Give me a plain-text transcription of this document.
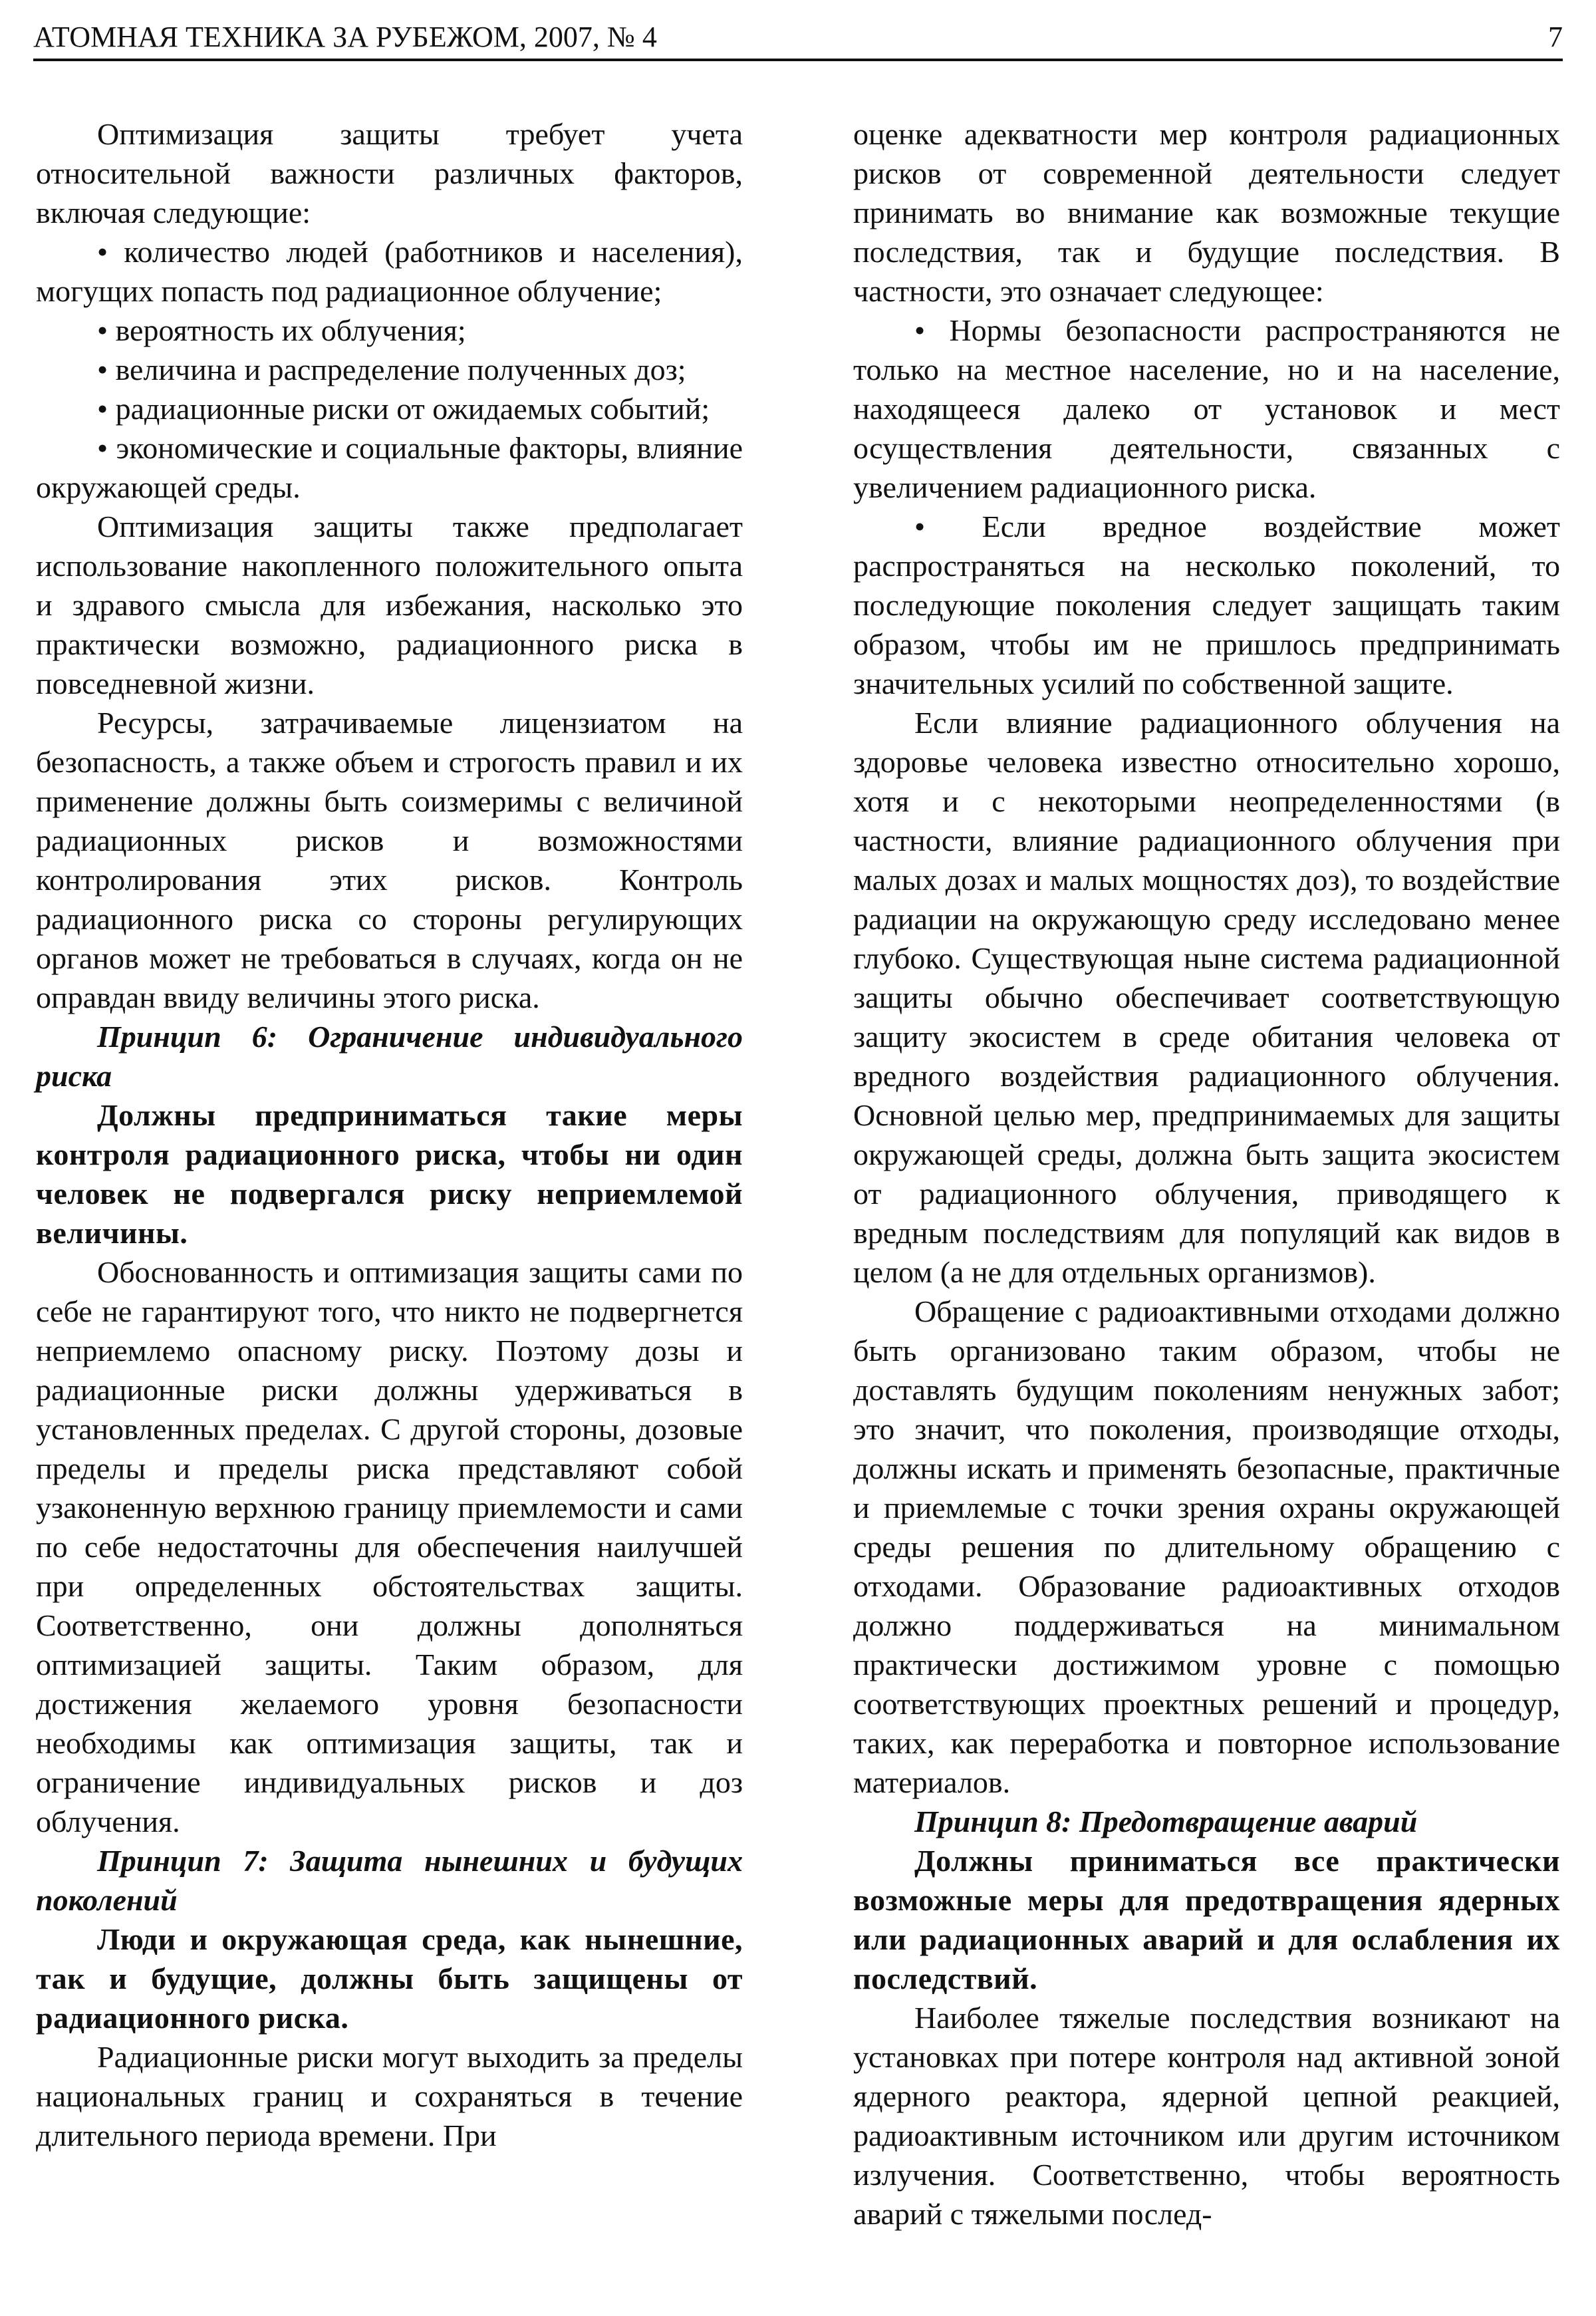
АТОМНАЯ ТЕХНИКА ЗА РУБЕЖОМ, 2007, № 4	7

Оптимизация защиты требует учета относительной важности различных факторов, включая следующие:

• количество людей (работников и населения), могущих попасть под радиационное облучение;

• вероятность их облучения;

• величина и распределение полученных доз;

• радиационные риски от ожидаемых событий;

• экономические и социальные факторы, влияние окружающей среды.

Оптимизация защиты также предполагает использование накопленного положительного опыта и здравого смысла для избежания, насколько это практически возможно, радиационного риска в повседневной жизни.

Ресурсы, затрачиваемые лицензиатом на безопасность, а также объем и строгость правил и их применение должны быть соизмеримы с величиной радиационных рисков и возможностями контролирования этих рисков. Контроль радиационного риска со стороны регулирующих органов может не требоваться в случаях, когда он не оправдан ввиду величины этого риска.

Принцип 6: Ограничение индивидуального риска

Должны предприниматься такие меры контроля радиационного риска, чтобы ни один человек не подвергался риску неприемлемой величины.

Обоснованность и оптимизация защиты сами по себе не гарантируют того, что никто не подвергнется неприемлемо опасному риску. Поэтому дозы и радиационные риски должны удерживаться в установленных пределах. С другой стороны, дозовые пределы и пределы риска представляют собой узаконенную верхнюю границу приемлемости и сами по себе недостаточны для обеспечения наилучшей при определенных обстоятельствах защиты. Соответственно, они должны дополняться оптимизацией защиты. Таким образом, для достижения желаемого уровня безопасности необходимы как оптимизация защиты, так и ограничение индивидуальных рисков и доз облучения.

Принцип 7: Защита нынешних и будущих поколений

Люди и окружающая среда, как нынешние, так и будущие, должны быть защищены от радиационного риска.

Радиационные риски могут выходить за пределы национальных границ и сохраняться в течение длительного периода времени. При

оценке адекватности мер контроля радиационных рисков от современной деятельности следует принимать во внимание как возможные текущие последствия, так и будущие последствия. В частности, это означает следующее:

• Нормы безопасности распространяются не только на местное население, но и на население, находящееся далеко от установок и мест осуществления деятельности, связанных с увеличением радиационного риска.

• Если вредное воздействие может распространяться на несколько поколений, то последующие поколения следует защищать таким образом, чтобы им не пришлось предпринимать значительных усилий по собственной защите.

Если влияние радиационного облучения на здоровье человека известно относительно хорошо, хотя и с некоторыми неопределенностями (в частности, влияние радиационного облучения при малых дозах и малых мощностях доз), то воздействие радиации на окружающую среду исследовано менее глубоко. Существующая ныне система радиационной защиты обычно обеспечивает соответствующую защиту экосистем в среде обитания человека от вредного воздействия радиационного облучения. Основной целью мер, предпринимаемых для защиты окружающей среды, должна быть защита экосистем от радиационного облучения, приводящего к вредным последствиям для популяций как видов в целом (а не для отдельных организмов).

Обращение с радиоактивными отходами должно быть организовано таким образом, чтобы не доставлять будущим поколениям ненужных забот; это значит, что поколения, производящие отходы, должны искать и применять безопасные, практичные и приемлемые с точки зрения охраны окружающей среды решения по длительному обращению с отходами. Образование радиоактивных отходов должно поддерживаться на минимальном практически достижимом уровне с помощью соответствующих проектных решений и процедур, таких, как переработка и повторное использование материалов.

Принцип 8: Предотвращение аварий

Должны приниматься все практически возможные меры для предотвращения ядерных или радиационных аварий и для ослабления их последствий.

Наиболее тяжелые последствия возникают на установках при потере контроля над активной зоной ядерного реактора, ядерной цепной реакцией, радиоактивным источником или другим источником излучения. Соответственно, чтобы вероятность аварий с тяжелыми послед-
